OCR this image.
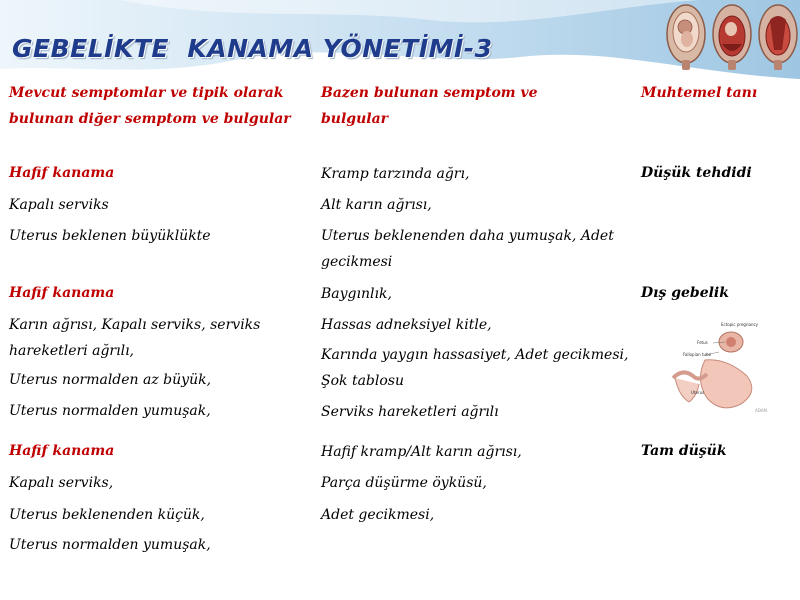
GEBELİKTE  KANAMA YÖNETİMİ-3
Mevcut semptomlar ve tipik olarak bulunan diğer semptom ve bulgular
Bazen bulunan semptom ve bulgular
Muhtemel tanı
Hafif kanama
Kapalı serviks
Uterus beklenen büyüklükte
Kramp tarzında ağrı,
Alt karın ağrısı,
Uterus beklenenden daha yumuşak, Adet gecikmesi
Düşük tehdidi
Hafif kanama
Karın ağrısı, Kapalı serviks, serviks hareketleri ağrılı,
Uterus normalden az büyük,
Uterus normalden yumuşak,
Baygınlık,
Hassas adneksiyel kitle,
Karında yaygın hassasiyet, Adet gecikmesi,
Şok tablosu
Serviks hareketleri ağrılı
Dış gebelik
Ectopic pregnancy
Fetus
Fallopian tube
Uterus
ADAM.
Hafif kanama
Kapalı serviks,
Uterus beklenenden küçük,
Uterus normalden yumuşak,
Hafif kramp/Alt karın ağrısı,
Parça düşürme öyküsü,
Adet gecikmesi,
Tam düşük
